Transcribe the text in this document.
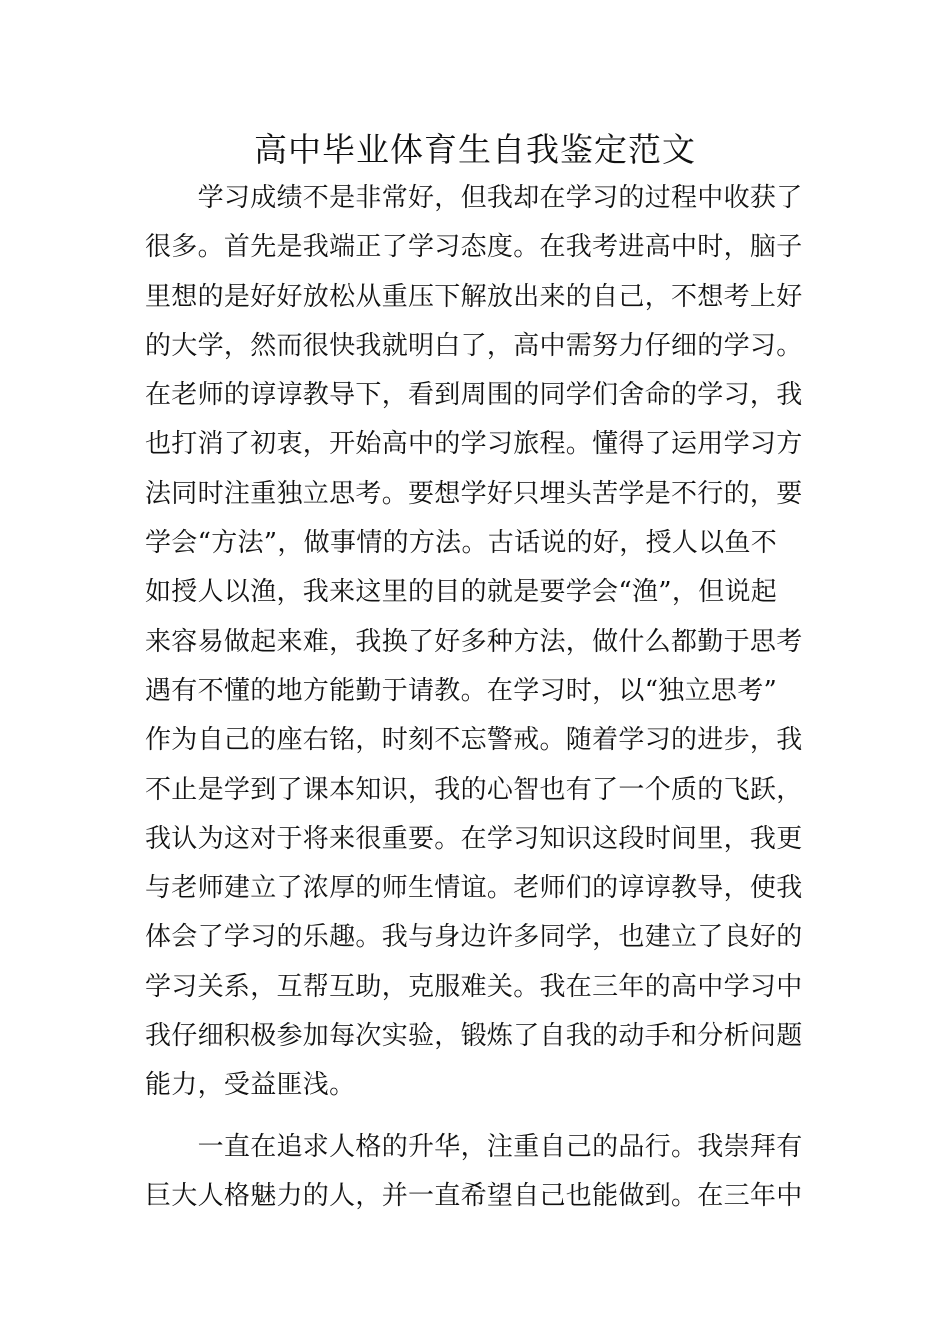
高中毕业体育生自我鉴定范文
　　学习成绩不是非常好，但我却在学习的过程中收获了
很多。首先是我端正了学习态度。在我考进高中时，脑子
里想的是好好放松从重压下解放出来的自己，不想考上好
的大学，然而很快我就明白了，高中需努力仔细的学习。
在老师的谆谆教导下，看到周围的同学们舍命的学习，我
也打消了初衷，开始高中的学习旅程。懂得了运用学习方
法同时注重独立思考。要想学好只埋头苦学是不行的，要
学会“方法”，做事情的方法。古话说的好，授人以鱼不
如授人以渔，我来这里的目的就是要学会“渔”，但说起
来容易做起来难，我换了好多种方法，做什么都勤于思考
遇有不懂的地方能勤于请教。在学习时，以“独立思考”
作为自己的座右铭，时刻不忘警戒。随着学习的进步，我
不止是学到了课本知识，我的心智也有了一个质的飞跃，
我认为这对于将来很重要。在学习知识这段时间里，我更
与老师建立了浓厚的师生情谊。老师们的谆谆教导，使我
体会了学习的乐趣。我与身边许多同学，也建立了良好的
学习关系，互帮互助，克服难关。我在三年的高中学习中
我仔细积极参加每次实验，锻炼了自我的动手和分析问题
能力，受益匪浅。
　　一直在追求人格的升华，注重自己的品行。我崇拜有
巨大人格魅力的人，并一直希望自己也能做到。在三年中
